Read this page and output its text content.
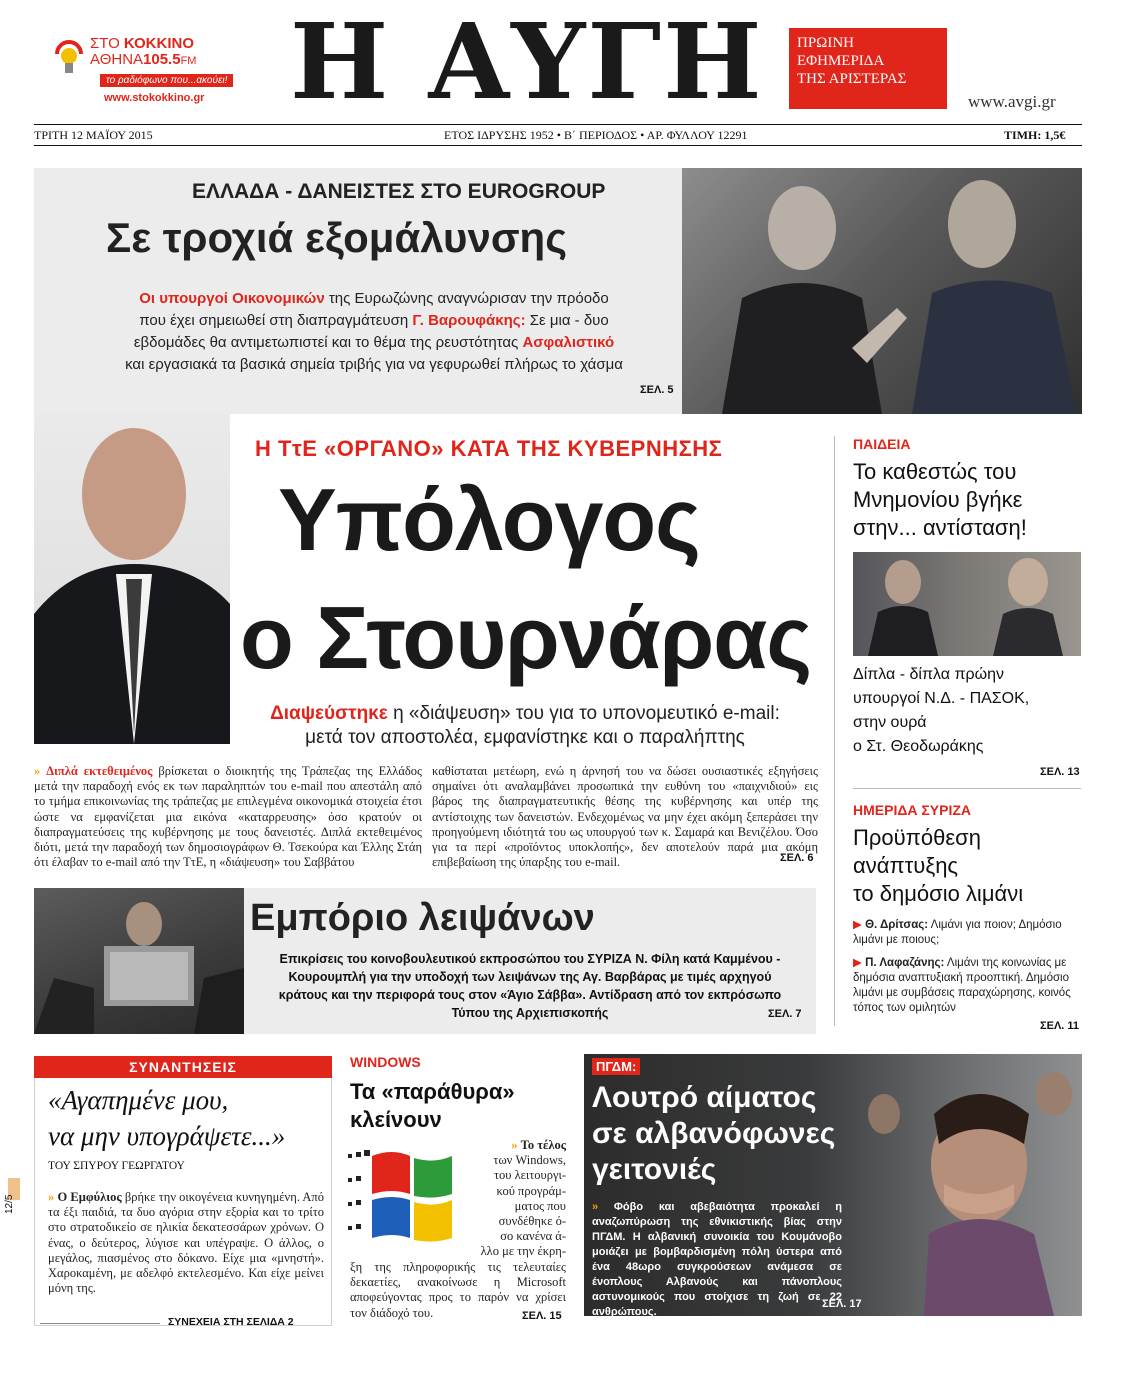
ΣΤΟ ΚΟΚΚΙΝΟ
ΑΘΗΝΑ105.5FM
το ραδιόφωνο που...ακούει!
www.stokokkino.gr Η ΑΥΓΗ	ΠΡΩΙΝΗ
ΕΦΗΜΕΡΙΔΑ
ΤΗΣ ΑΡΙΣΤΕΡΑΣ
www.avgi.gr
ΤΡΙΤΗ 12 ΜΑΪΟΥ 2015	ΕΤΟΣ ΙΔΡΥΣΗΣ 1952 • Β΄ ΠΕΡΙΟΔΟΣ • ΑΡ. ΦΥΛΛΟΥ 12291	ΤΙΜΗ: 1,5€
ΕΛΛΑΔΑ - ΔΑΝΕΙΣΤΕΣ ΣΤΟ EUROGROUP
Σε τροχιά εξομάλυνσης
Οι υπουργοί Οικονομικών της Ευρωζώνης αναγνώρισαν την πρόοδο
που έχει σημειωθεί στη διαπραγμάτευση Γ. Βαρουφάκης: Σε μια - δυο
εβδομάδες θα αντιμετωπιστεί και το θέμα της ρευστότητας Ασφαλιστικό
και εργασιακά τα βασικά σημεία τριβής για να γεφυρωθεί πλήρως το χάσμα
ΣΕΛ. 5
Η ΤτΕ «ΟΡΓΑΝΟ» ΚΑΤΑ ΤΗΣ ΚΥΒΕΡΝΗΣΗΣ
Υπόλογος
ο Στουρνάρας
Διαψεύστηκε η «διάψευση» του για το υπονομευτικό e-mail:
μετά τον αποστολέα, εμφανίστηκε και ο παραλήπτης
» Διπλά εκτεθειμένος βρίσκεται ο διοικητής της Τράπεζας της Ελλάδος μετά την παραδοχή ενός εκ των παραληπτών του e-mail που απεστάλη από το τμήμα επικοινωνίας της τράπεζας με επιλεγμένα οικονομικά στοιχεία έτσι ώστε να εμφανίζεται μια εικόνα «καταρρευσης» όσο κρατούν οι διαπραγματεύσεις της κυβέρνησης με τους δανειστές. Διπλά εκτεθειμένος διότι, μετά την παραδοχή των δημοσιογράφων Θ. Τσεκούρα και Έλλης Στάη ότι έλαβαν το e-mail από την ΤτΕ, η «διάψευση» του Σαββάτου
καθίσταται μετέωρη, ενώ η άρνησή του να δώσει ουσιαστικές εξηγήσεις σημαίνει ότι αναλαμβάνει προσωπικά την ευθύνη του «παιχνιδιού» εις βάρος της διαπραγματευτικής θέσης της κυβέρνησης και υπέρ της αντίστοιχης των δανειστών. Ενδεχομένως να μην έχει ακόμη ξεπεράσει την προηγούμενη ιδιότητά του ως υπουργού των κ. Σαμαρά και Βενιζέλου. Όσο για τα περί «προϊόντος υποκλοπής», δεν αποτελούν παρά μια ακόμη επιβεβαίωση της ύπαρξης του e-mail.	ΣΕΛ. 6
ΠΑΙΔΕΙΑ
Το καθεστώς του
Μνημονίου βγήκε
στην... αντίσταση!
Δίπλα - δίπλα πρώην
υπουργοί Ν.Δ. - ΠΑΣΟΚ,
στην ουρά
ο Στ. Θεοδωράκης
ΣΕΛ. 13
ΗΜΕΡΙΔΑ ΣΥΡΙΖΑ
Προϋπόθεση
ανάπτυξης
το δημόσιο λιμάνι
▶ Θ. Δρίτσας: Λιμάνι για ποιον; Δημόσιο λιμάνι με ποιους;
▶ Π. Λαφαζάνης: Λιμάνι της κοινωνίας με δημόσια αναπτυξιακή προοπτική. Δημόσιο λιμάνι με συμβάσεις παραχώρησης, κοινός τόπος των ομιλητών
ΣΕΛ. 11
Εμπόριο λειψάνων
Επικρίσεις του κοινοβουλευτικού εκπροσώπου του ΣΥΡΙΖΑ Ν. Φίλη κατά Καμμένου -
Κουρουμπλή για την υποδοχή των λειψάνων της Αγ. Βαρβάρας με τιμές αρχηγού
κράτους και την περιφορά τους στον «Άγιο Σάββα». Αντίδραση από τον εκπρόσωπο
Τύπου της Αρχιεπισκοπής	ΣΕΛ. 7
ΣΥΝΑΝΤΗΣΕΙΣ
«Αγαπημένε μου,
να μην υπογράψετε...»
ΤΟΥ ΣΠΥΡΟΥ ΓΕΩΡΓΑΤΟΥ
» Ο Εμφύλιος βρήκε την οικογένεια κυνηγημένη. Από τα έξι παιδιά, τα δυο αγόρια στην εξορία και το τρίτο στο στρατοδικείο σε ηλικία δεκατεσσάρων χρόνων. Ο ένας, ο δεύτερος, λύγισε και υπέγραψε. Ο άλλος, ο μεγάλος, πιασμένος στο δόκανο. Είχε μια «μνηστή». Χαροκαμένη, με αδελφό εκτελεσμένο. Και είχε μείνει μόνη της.
ΣΥΝΕΧΕΙΑ ΣΤΗ ΣΕΛΙΔΑ 2
WINDOWS
Τα «παράθυρα»
κλείνουν
» Το τέλος
των Windows,
του λειτουργι-
κού προγράμ-
ματος που
συνδέθηκε ό-
σο κανένα ά-
λλο με την έκρη-
ξη της πληροφορικής τις τελευταίες δεκαετίες, ανακοίνωσε η Microsoft αποφεύγοντας προς το παρόν να χρίσει τον διάδοχό του.	ΣΕΛ. 15
ΠΓΔΜ:
Λουτρό αίματος
σε αλβανόφωνες
γειτονιές
» Φόβο και αβεβαιότητα προκαλεί η αναζωπύρωση της εθνικιστικής βίας στην ΠΓΔΜ. Η αλβανική συνοικία του Κουμάνοβο μοιάζει με βομβαρδισμένη πόλη ύστερα από ένα 48ωρο συγκρούσεων ανάμεσα σε ένοπλους Αλβανούς και πάνοπλους αστυνομικούς που στοίχισε τη ζωή σε 22 ανθρώπους.
ΣΕΛ. 17
12/5
